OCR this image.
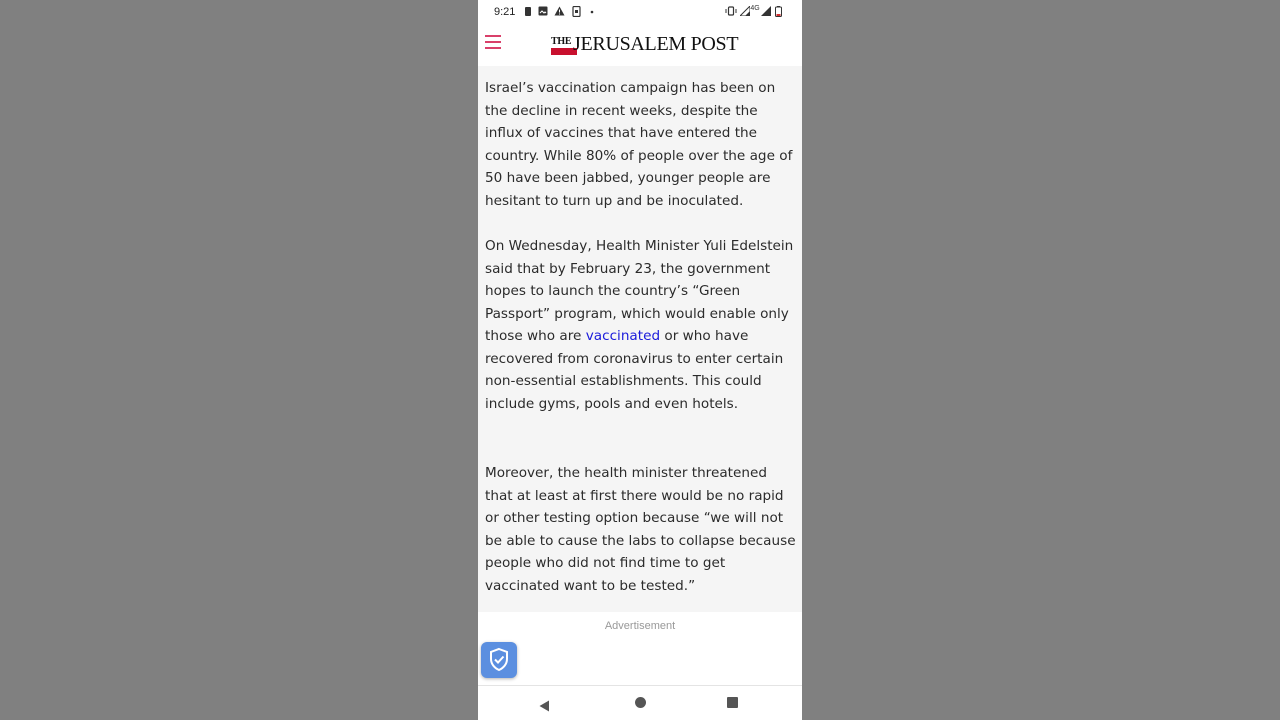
9:21	4G
THE JERUSALEM POST

Israel’s vaccination campaign has been on the decline in recent weeks, despite the influx of vaccines that have entered the country. While 80% of people over the age of 50 have been jabbed, younger people are hesitant to turn up and be inoculated.

On Wednesday, Health Minister Yuli Edelstein said that by February 23, the government hopes to launch the country’s “Green Passport” program, which would enable only those who are vaccinated or who have recovered from coronavirus to enter certain non-essential establishments. This could include gyms, pools and even hotels.

Moreover, the health minister threatened that at least at first there would be no rapid or other testing option because “we will not be able to cause the labs to collapse because people who did not find time to get vaccinated want to be tested.”

Advertisement
